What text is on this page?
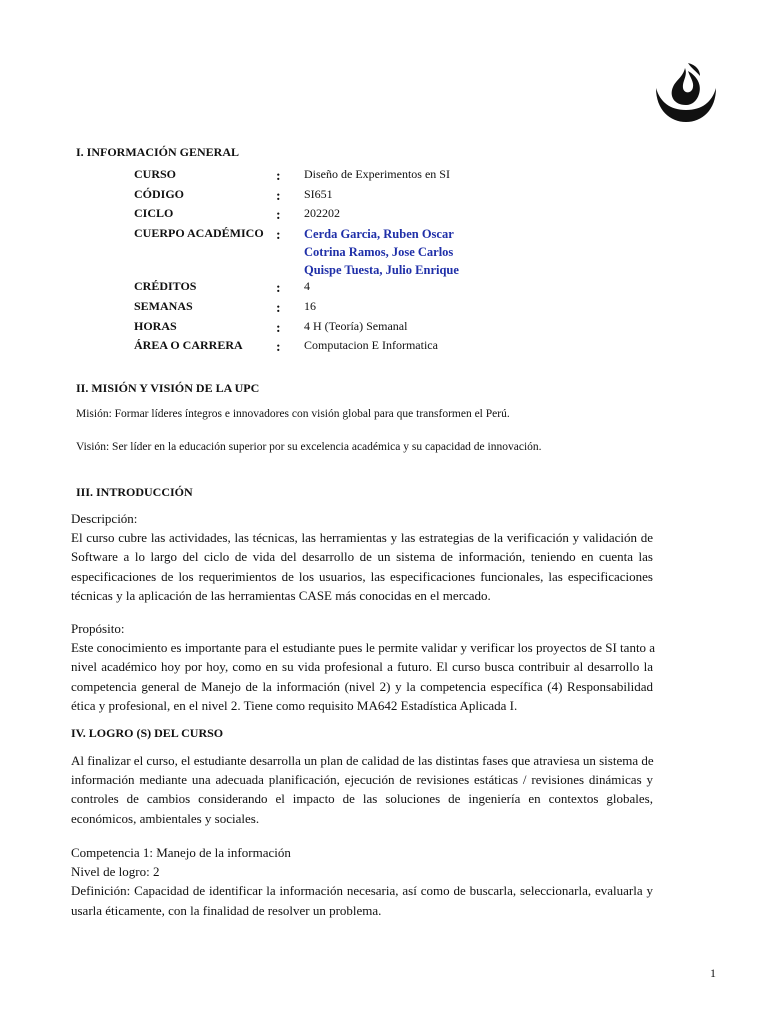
I. INFORMACIÓN GENERAL
CURSO	: Diseño de Experimentos en SI
CÓDIGO	: SI651
CICLO	: 202202
CUERPO ACADÉMICO : Cerda Garcia, Ruben Oscar
Cotrina Ramos, Jose Carlos
Quispe Tuesta, Julio Enrique
CRÉDITOS	: 4
SEMANAS	: 16
HORAS	: 4 H (Teoría) Semanal
ÁREA O CARRERA : Computacion E Informatica
II. MISIÓN Y VISIÓN DE LA UPC
Misión: Formar líderes íntegros e innovadores con visión global para que transformen el Perú.
Visión: Ser líder en la educación superior por su excelencia académica y su capacidad de innovación.
III. INTRODUCCIÓN
Descripción:
El curso cubre las actividades, las técnicas, las herramientas y las estrategias de la verificación y validación de
Software a lo largo del ciclo de vida del desarrollo de un sistema de información, teniendo en cuenta las
especificaciones de los requerimientos de los usuarios, las especificaciones funcionales, las especificaciones
técnicas y la aplicación de las herramientas CASE más conocidas en el mercado.
Propósito:
Este conocimiento es importante para el estudiante pues le permite validar y verificar los proyectos de SI tanto a
nivel académico hoy por hoy, como en su vida profesional a futuro. El curso busca contribuir al desarrollo la
competencia general de Manejo de la información (nivel 2) y la competencia específica (4) Responsabilidad
ética y profesional, en el nivel 2. Tiene como requisito MA642 Estadística Aplicada I.
IV. LOGRO (S) DEL CURSO
Al finalizar el curso, el estudiante desarrolla un plan de calidad de las distintas fases que atraviesa un sistema de
información mediante una adecuada planificación, ejecución de revisiones estáticas / revisiones dinámicas y
controles de cambios considerando el impacto de las soluciones de ingeniería en contextos globales,
económicos, ambientales y sociales.
Competencia 1: Manejo de la información
Nivel de logro: 2
Definición: Capacidad de identificar la información necesaria, así como de buscarla, seleccionarla, evaluarla y
usarla éticamente, con la finalidad de resolver un problema.
1
